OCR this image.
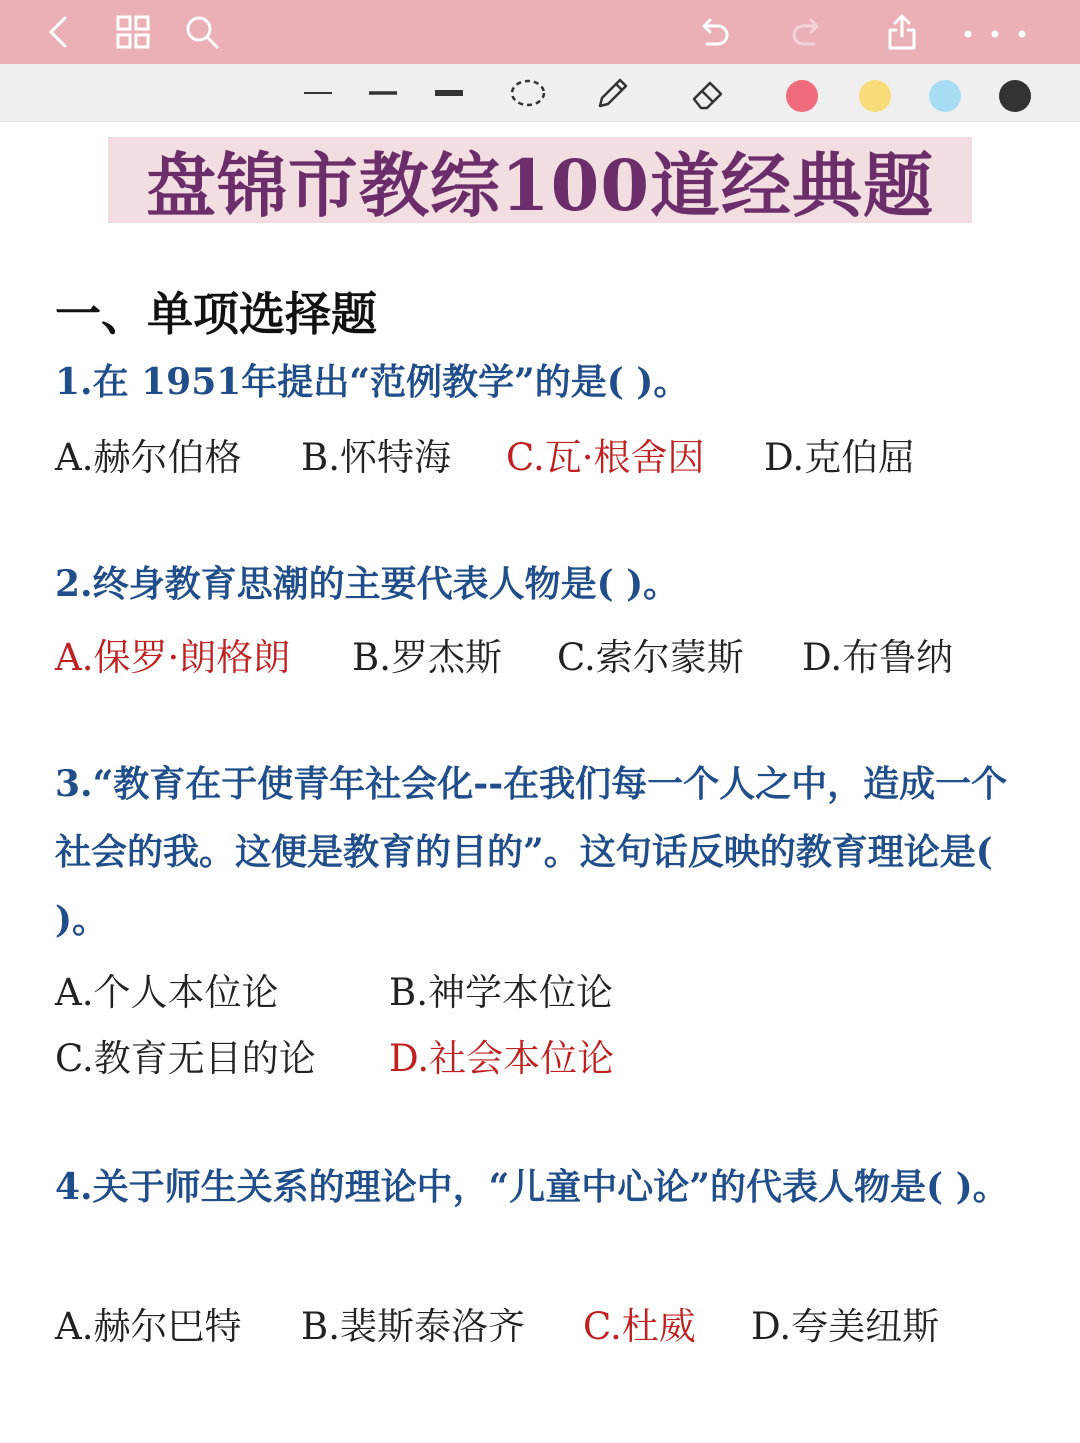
盘锦市教综100道经典题
一、单项选择题
1.在 1951年提出“范例教学”的是( )。
A.赫尔伯格 B.怀特海 C.瓦·根舍因 D.克伯屈
2.终身教育思潮的主要代表人物是( )。
A.保罗·朗格朗 B.罗杰斯 C.索尔蒙斯 D.布鲁纳
3.“教育在于使青年社会化--在我们每一个人之中，造成一个社会的我。这便是教育的目的”。这句话反映的教育理论是( )。
A.个人本位论	B.神学本位论
C.教育无目的论 D.社会本位论
4.关于师生关系的理论中，“儿童中心论”的代表人物是( )。
A.赫尔巴特 B.裴斯泰洛齐 C.杜威 D.夸美纽斯
